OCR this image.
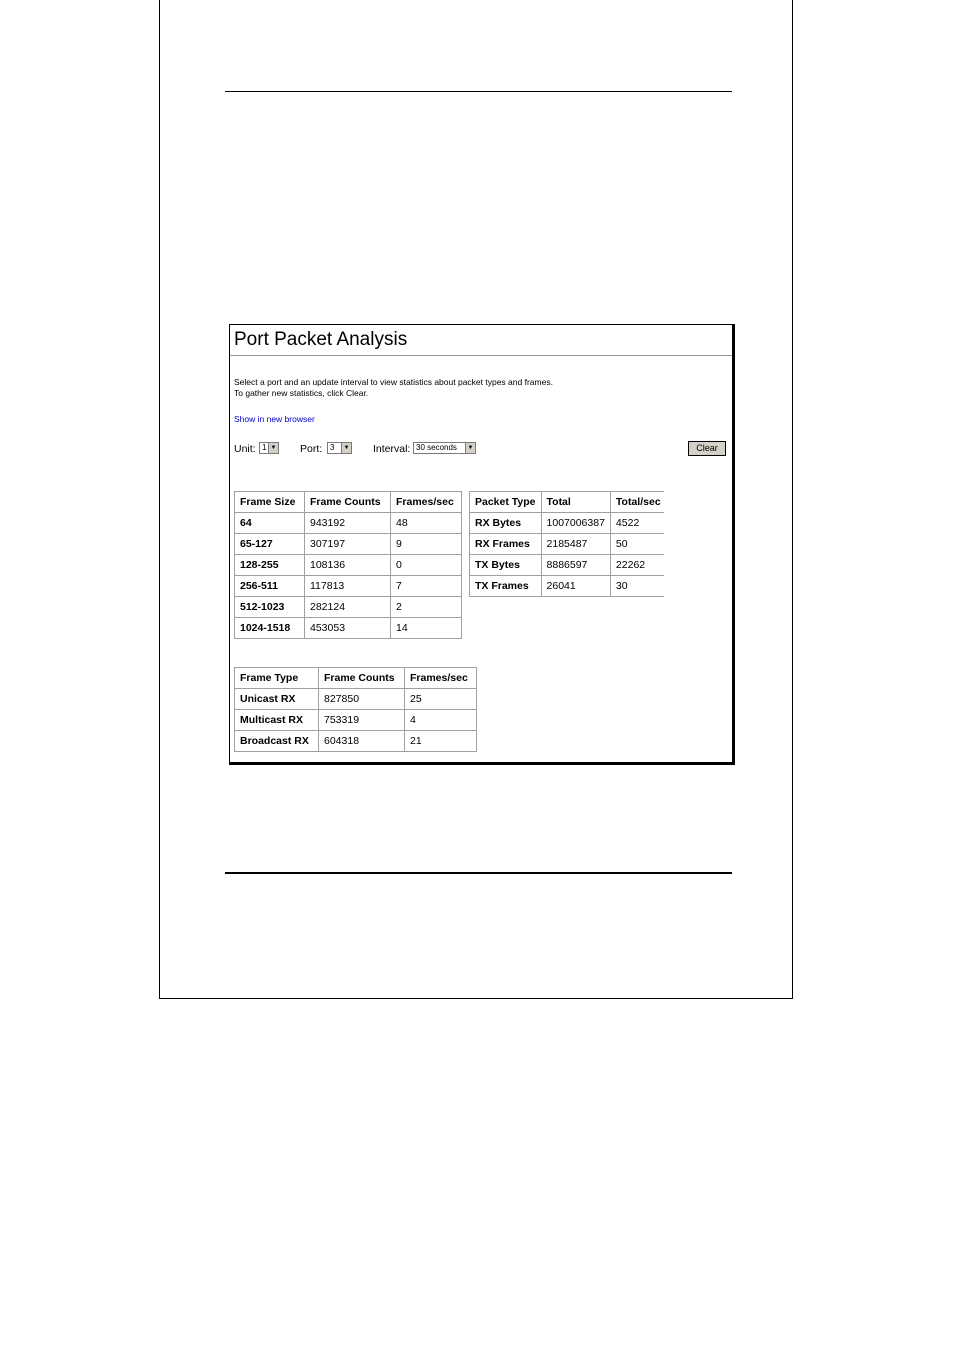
Port Packet Analysis
Select a port and an update interval to view statistics about packet types and frames.
To gather new statistics, click Clear.
Show in new browser
Unit: 1 ▼ Port: 3	▼ Interval: 30 seconds	▼	Clear
Frame Size	Frame Counts	Frames/sec
64	943192	48
65-127	307197	9
128-255	108136	0
256-511	117813	7
512-1023	282124	2
1024-1518	453053	14
Packet Type	Total	Total/sec
RX Bytes	1007006387	4522
RX Frames	2185487	50
TX Bytes	8886597	22262
TX Frames	26041	30
Frame Type	Frame Counts	Frames/sec
Unicast RX	827850	25
Multicast RX	753319	4
Broadcast RX	604318	21
